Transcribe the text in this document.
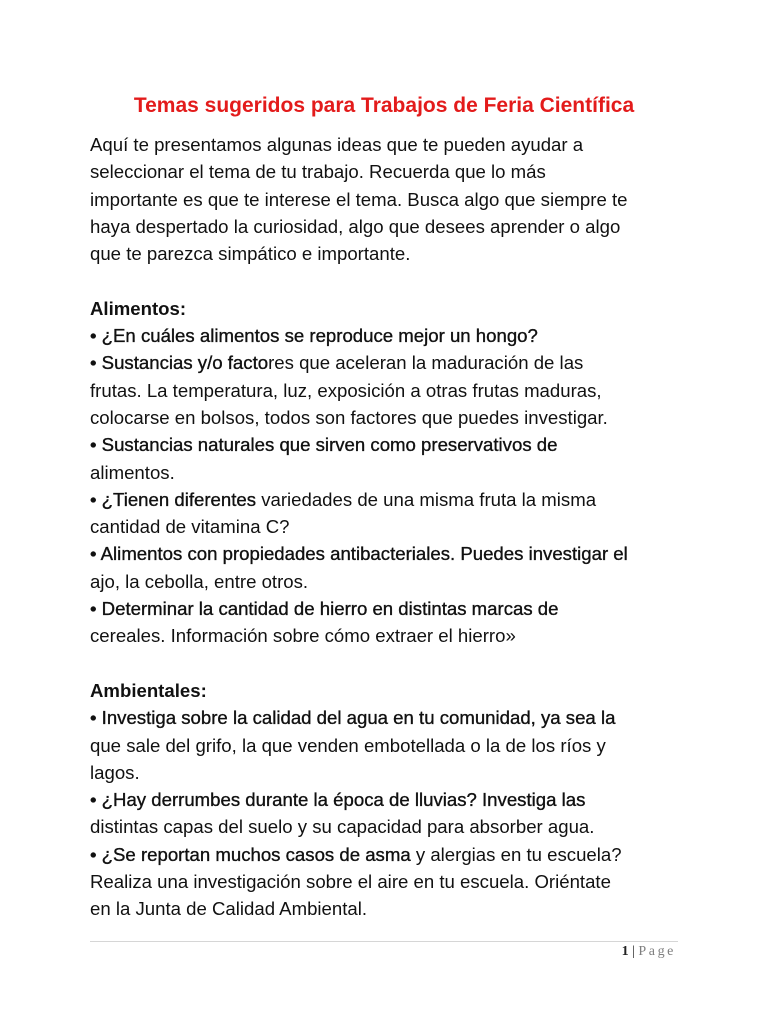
Temas sugeridos para Trabajos de Feria Científica
Aquí te presentamos algunas ideas que te pueden ayudar a
seleccionar el tema de tu trabajo. Recuerda que lo más
importante es que te interese el tema. Busca algo que siempre te
haya despertado la curiosidad, algo que desees aprender o algo
que te parezca simpático e importante.
Alimentos:
• ¿En cuáles alimentos se reproduce mejor un hongo?
• Sustancias y/o factores que aceleran la maduración de las
frutas. La temperatura, luz, exposición a otras frutas maduras,
colocarse en bolsos, todos son factores que puedes investigar.
• Sustancias naturales que sirven como preservativos de
alimentos.
• ¿Tienen diferentes variedades de una misma fruta la misma
cantidad de vitamina C?
• Alimentos con propiedades antibacteriales. Puedes investigar el
ajo, la cebolla, entre otros.
• Determinar la cantidad de hierro en distintas marcas de
cereales. Información sobre cómo extraer el hierro»
Ambientales:
• Investiga sobre la calidad del agua en tu comunidad, ya sea la
que sale del grifo, la que venden embotellada o la de los ríos y
lagos.
• ¿Hay derrumbes durante la época de lluvias? Investiga las
distintas capas del suelo y su capacidad para absorber agua.
• ¿Se reportan muchos casos de asma y alergias en tu escuela?
Realiza una investigación sobre el aire en tu escuela. Oriéntate
en la Junta de Calidad Ambiental.
1 | Page
